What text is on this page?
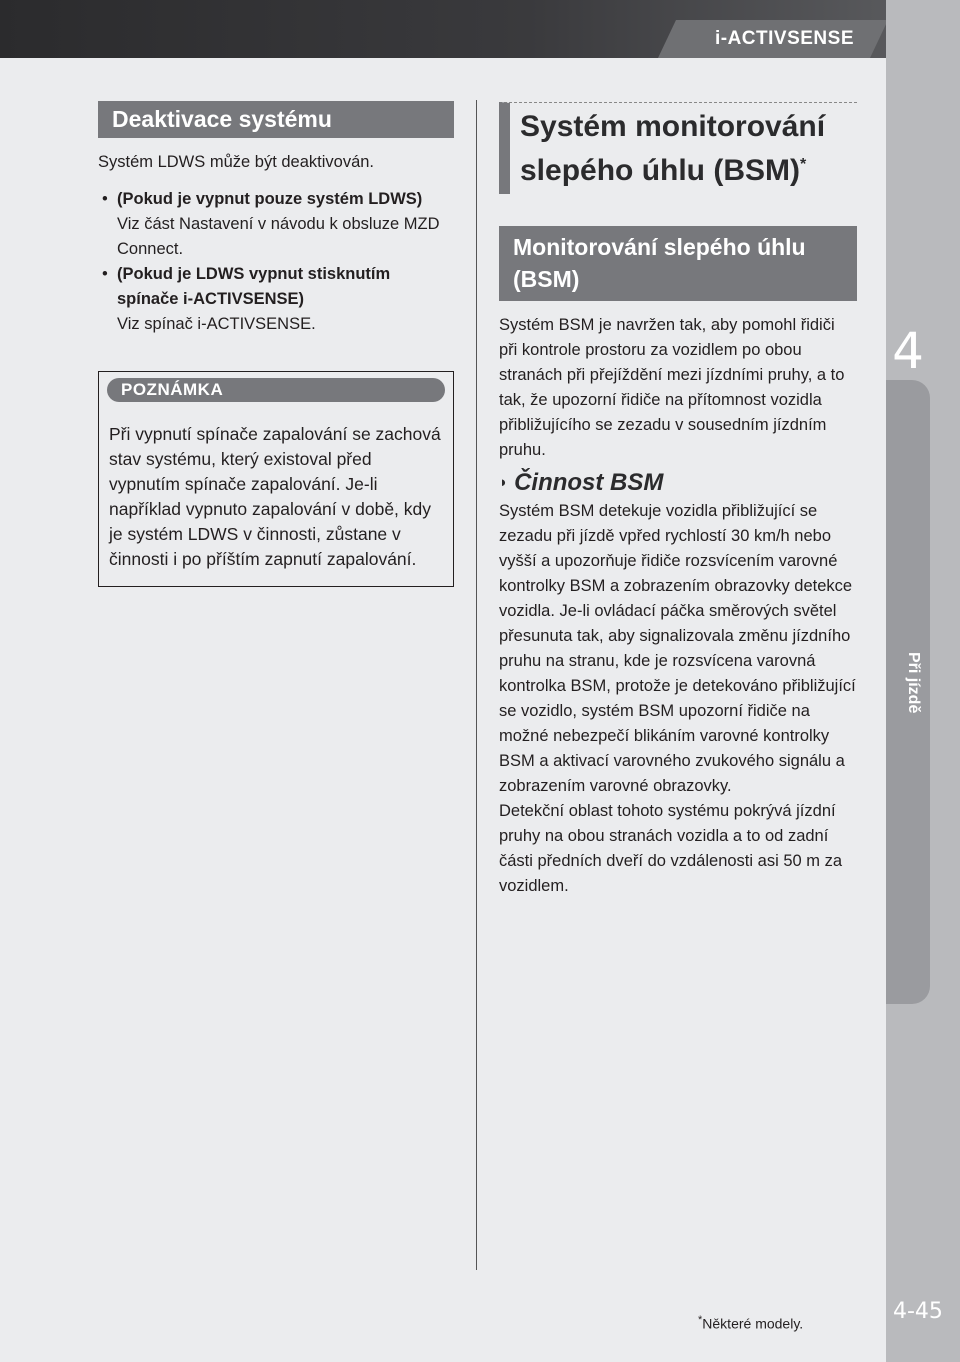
i-ACTIVSENSE
4
Při jízdě
4-45
*Některé modely.
Deaktivace systému
Systém LDWS může být deaktivován.
• (Pokud je vypnut pouze systém LDWS)
Viz část Nastavení v návodu k obsluze MZD Connect.
• (Pokud je LDWS vypnut stisknutím spínače i-ACTIVSENSE)
Viz spínač i-ACTIVSENSE.
POZNÁMKA
Při vypnutí spínače zapalování se zachová stav systému, který existoval před vypnutím spínače zapalování. Je-li například vypnuto zapalování v době, kdy je systém LDWS v činnosti, zůstane v činnosti i po příštím zapnutí zapalování.
Systém monitorování slepého úhlu (BSM)*
Monitorování slepého úhlu (BSM)
Systém BSM je navržen tak, aby pomohl řidiči při kontrole prostoru za vozidlem po obou stranách při přejíždění mezi jízdními pruhy, a to tak, že upozorní řidiče na přítomnost vozidla přibližujícího se zezadu v sousedním jízdním pruhu.
◗ Činnost BSM
Systém BSM detekuje vozidla přibližující se zezadu při jízdě vpřed rychlostí 30 km/h nebo vyšší a upozorňuje řidiče rozsvícením varovné kontrolky BSM a zobrazením obrazovky detekce vozidla. Je-li ovládací páčka směrových světel přesunuta tak, aby signalizovala změnu jízdního pruhu na stranu, kde je rozsvícena varovná kontrolka BSM, protože je detekováno přibližující se vozidlo, systém BSM upozorní řidiče na možné nebezpečí blikáním varovné kontrolky BSM a aktivací varovného zvukového signálu a zobrazením varovné obrazovky.
Detekční oblast tohoto systému pokrývá jízdní pruhy na obou stranách vozidla a to od zadní části předních dveří do vzdálenosti asi 50 m za vozidlem.
